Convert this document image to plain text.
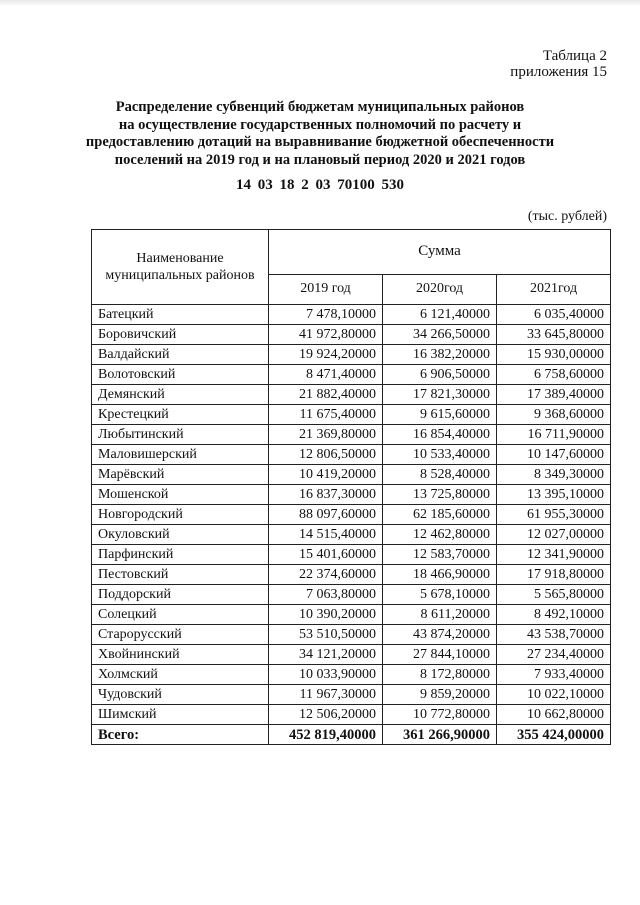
Таблица 2
приложения 15
Распределение субвенций бюджетам муниципальных районов
на осуществление государственных полномочий по расчету и
предоставлению дотаций на выравнивание бюджетной обеспеченности
поселений на 2019 год и на плановый период 2020 и 2021 годов
14 03 18 2 03 70100 530
(тыс. рублей)
Наименование муниципальных районов	Сумма		
	2019 год	2020год	2021год
Батецкий	7 478,10000	6 121,40000	6 035,40000
Боровичский	41 972,80000	34 266,50000	33 645,80000
Валдайский	19 924,20000	16 382,20000	15 930,00000
Волотовский	8 471,40000	6 906,50000	6 758,60000
Демянский	21 882,40000	17 821,30000	17 389,40000
Крестецкий	11 675,40000	9 615,60000	9 368,60000
Любытинский	21 369,80000	16 854,40000	16 711,90000
Маловишерский	12 806,50000	10 533,40000	10 147,60000
Марёвский	10 419,20000	8 528,40000	8 349,30000
Мошенской	16 837,30000	13 725,80000	13 395,10000
Новгородский	88 097,60000	62 185,60000	61 955,30000
Окуловский	14 515,40000	12 462,80000	12 027,00000
Парфинский	15 401,60000	12 583,70000	12 341,90000
Пестовский	22 374,60000	18 466,90000	17 918,80000
Поддорский	7 063,80000	5 678,10000	5 565,80000
Солецкий	10 390,20000	8 611,20000	8 492,10000
Старорусский	53 510,50000	43 874,20000	43 538,70000
Хвойнинский	34 121,20000	27 844,10000	27 234,40000
Холмский	10 033,90000	8 172,80000	7 933,40000
Чудовский	11 967,30000	9 859,20000	10 022,10000
Шимский	12 506,20000	10 772,80000	10 662,80000
Всего:	452 819,40000	361 266,90000	355 424,00000
